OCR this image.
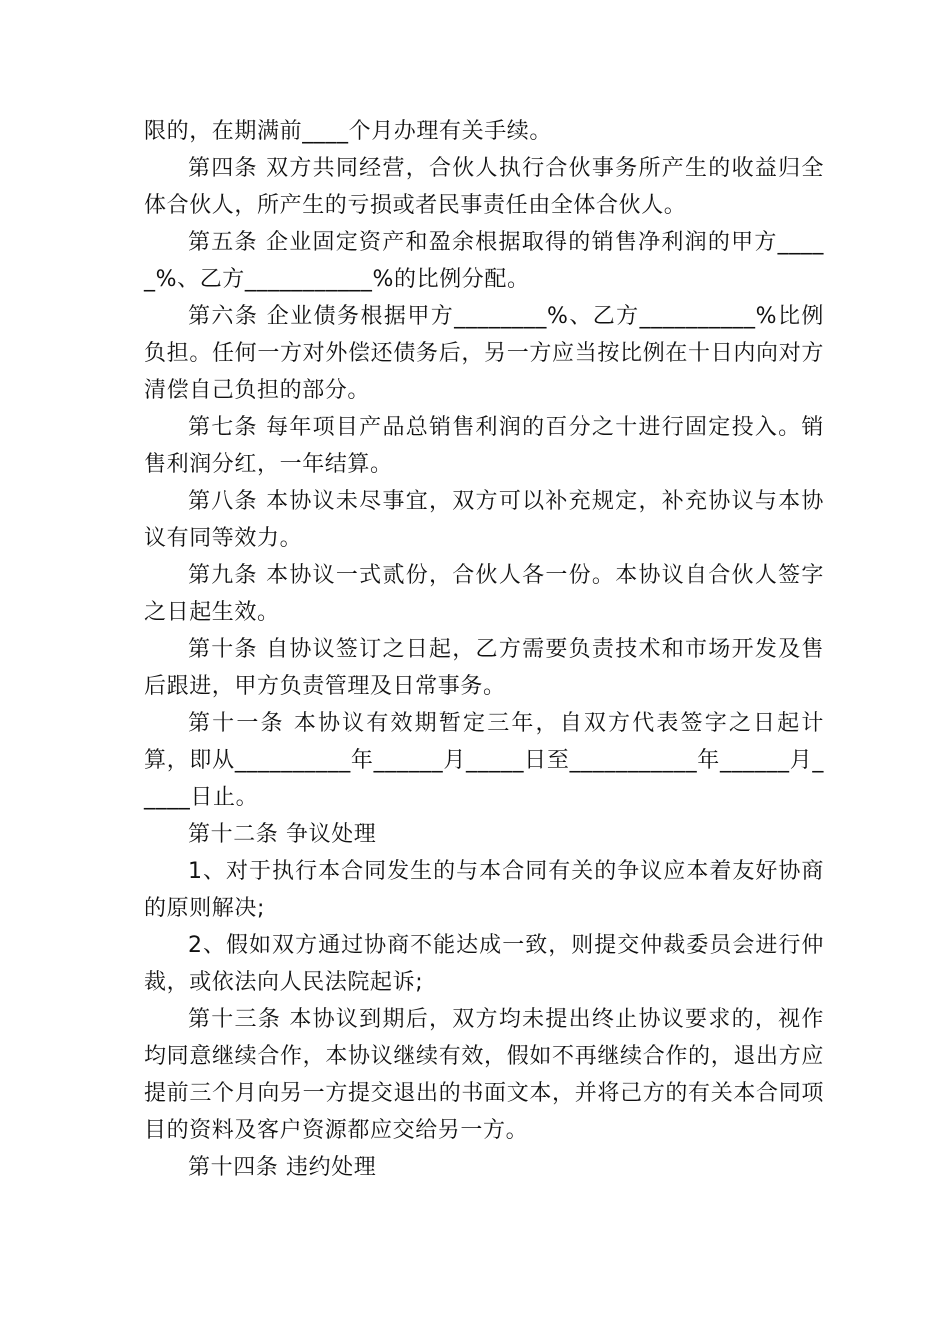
限的，在期满前____个月办理有关手续。

第四条 双方共同经营，合伙人执行合伙事务所产生的收益归全体合伙人，所产生的亏损或者民事责任由全体合伙人。

第五条 企业固定资产和盈余根据取得的销售净利润的甲方_____%、乙方___________%的比例分配。

第六条 企业债务根据甲方________%、乙方__________%比例负担。任何一方对外偿还债务后，另一方应当按比例在十日内向对方清偿自己负担的部分。

第七条 每年项目产品总销售利润的百分之十进行固定投入。销售利润分红，一年结算。

第八条 本协议未尽事宜，双方可以补充规定，补充协议与本协议有同等效力。

第九条 本协议一式贰份，合伙人各一份。本协议自合伙人签字之日起生效。

第十条 自协议签订之日起，乙方需要负责技术和市场开发及售后跟进，甲方负责管理及日常事务。

第十一条 本协议有效期暂定三年，自双方代表签字之日起计算，即从__________年______月_____日至___________年______月_____日止。

第十二条 争议处理

1、对于执行本合同发生的与本合同有关的争议应本着友好协商的原则解决;

2、假如双方通过协商不能达成一致，则提交仲裁委员会进行仲裁，或依法向人民法院起诉;

第十三条 本协议到期后，双方均未提出终止协议要求的，视作均同意继续合作，本协议继续有效，假如不再继续合作的，退出方应提前三个月向另一方提交退出的书面文本，并将己方的有关本合同项目的资料及客户资源都应交给另一方。

第十四条 违约处理
